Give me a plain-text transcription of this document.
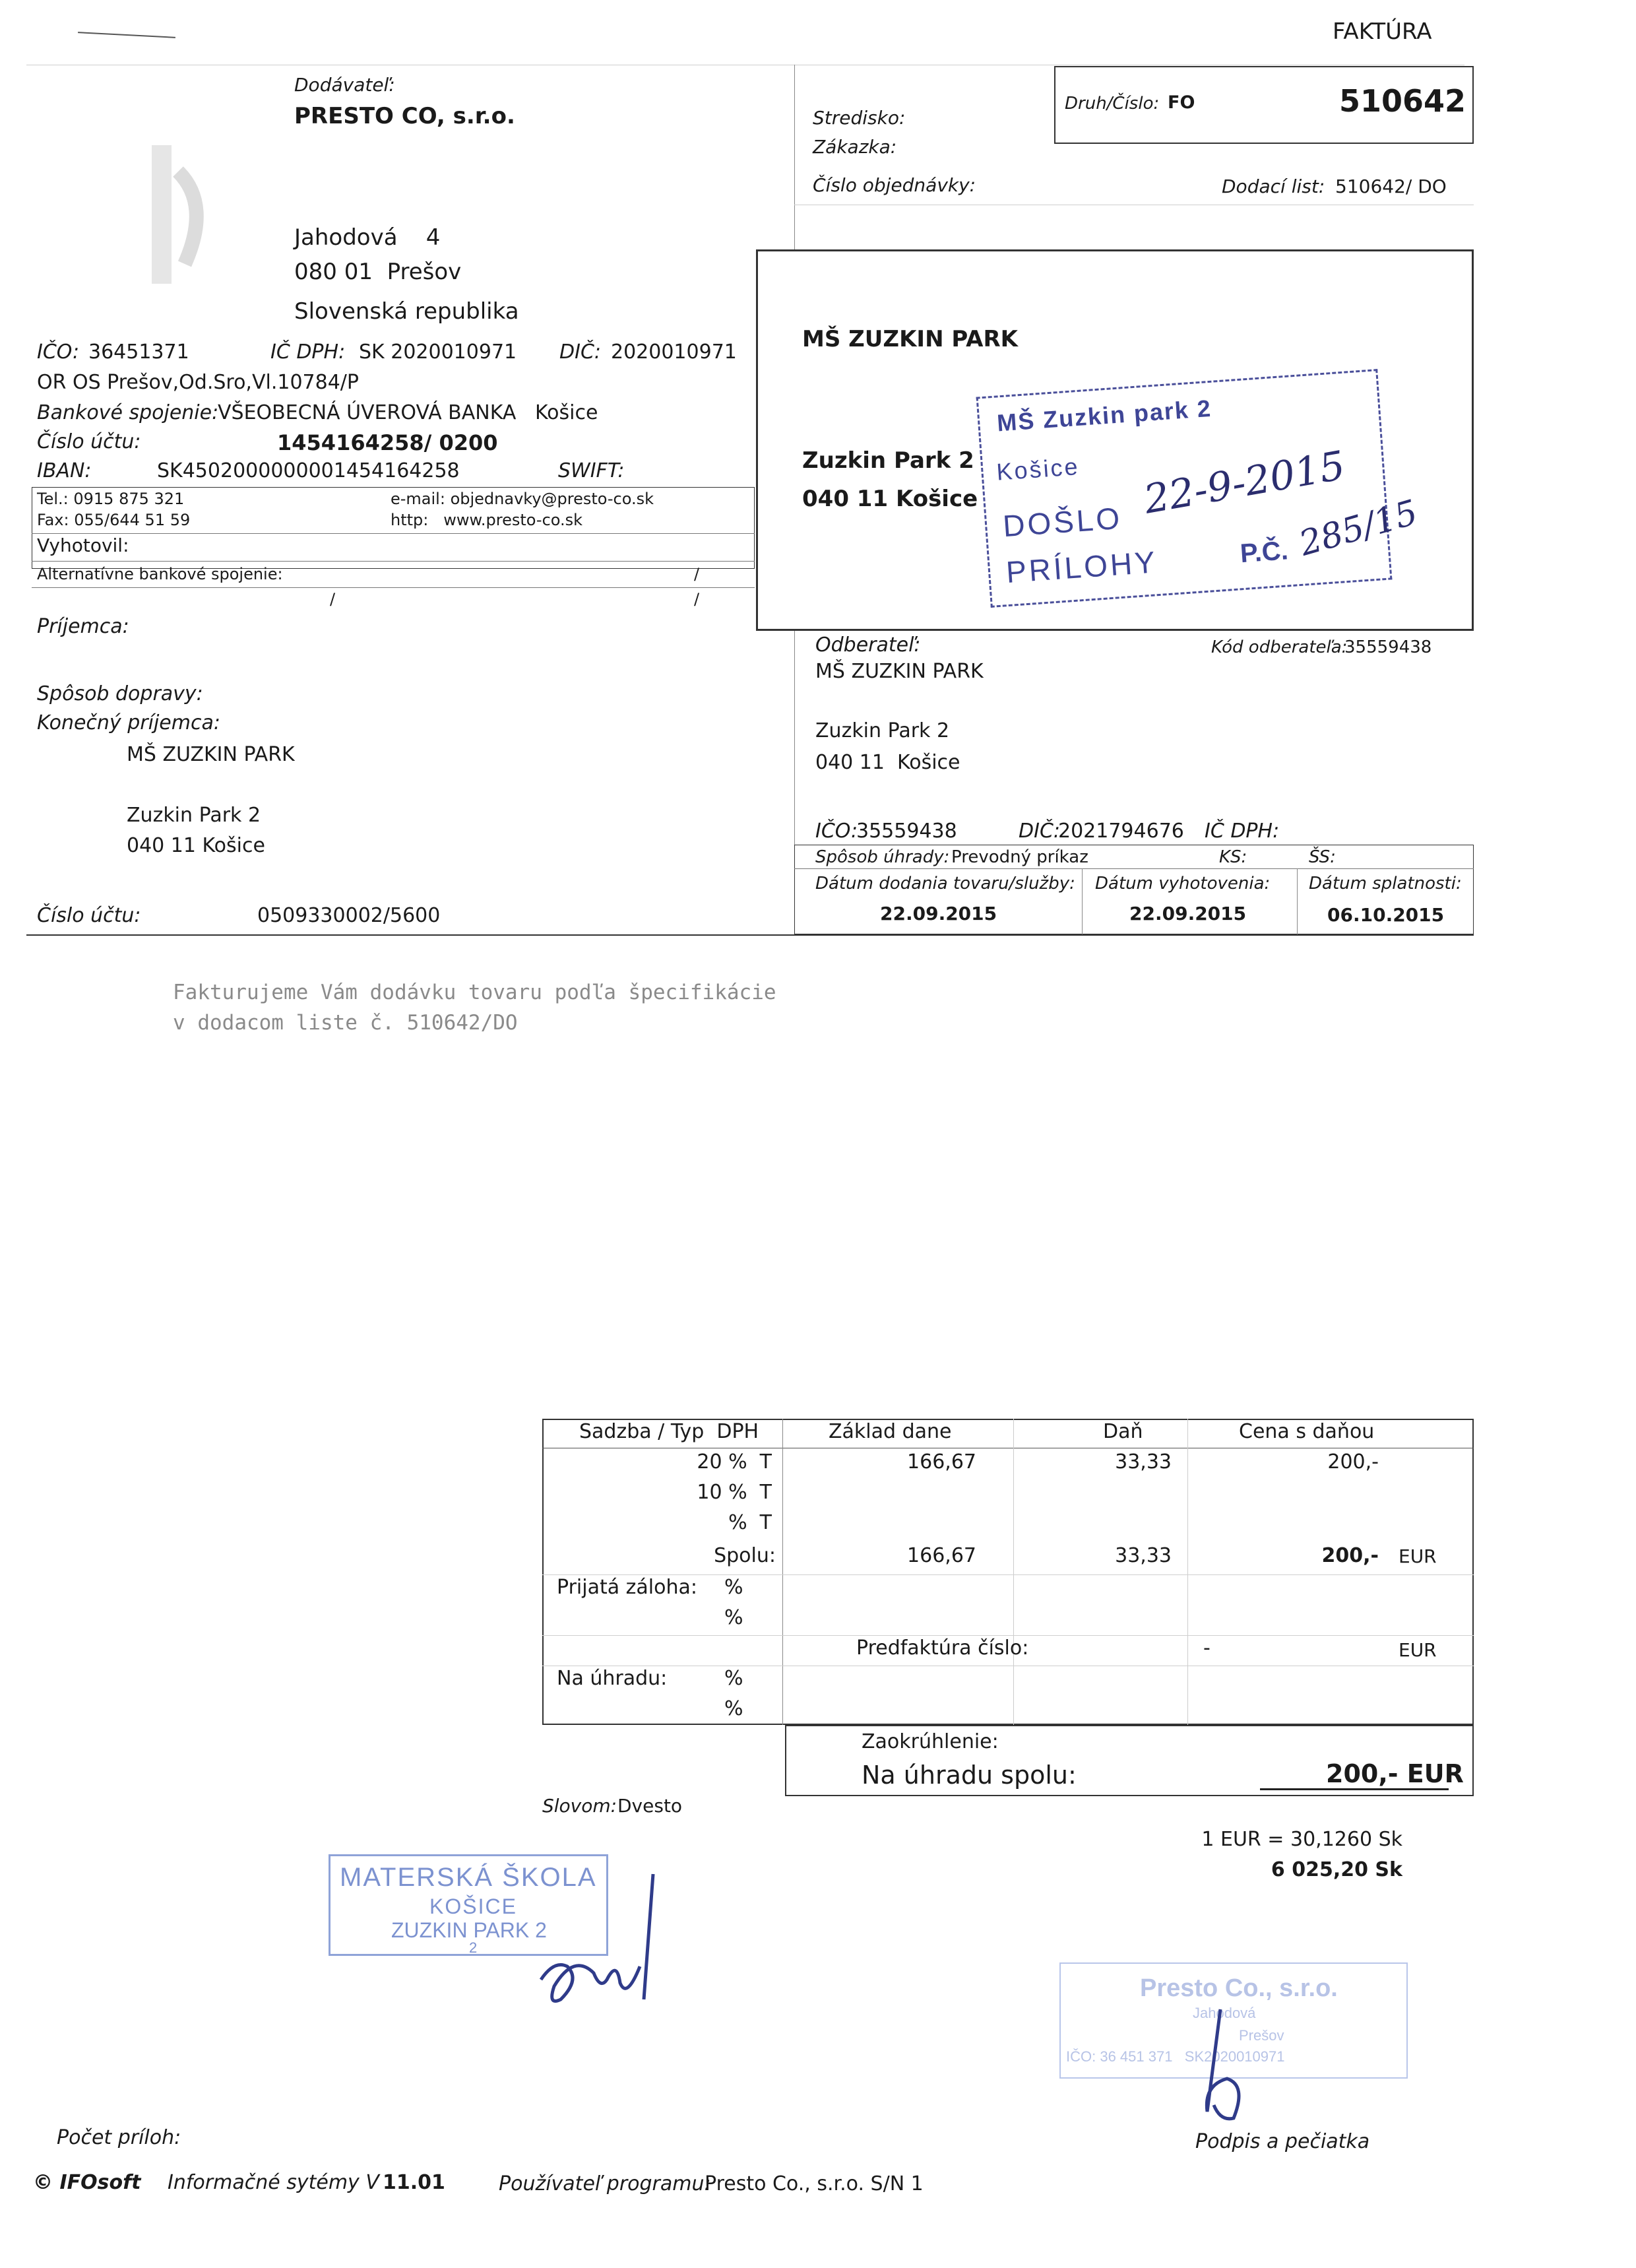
FAKTÚRA
Dodávateľ:
PRESTO CO, s.r.o.
Jahodová    4
080 01  Prešov
Slovenská republika
IČO: 36451371	IČ DPH: SK 2020010971 DIČ: 2020010971
OR OS Prešov,Od.Sro,Vl.10784/P
Bankové spojenie:
VŠEOBECNÁ ÚVEROVÁ BANKA   Košice
Číslo účtu:	1454164258/ 0200
IBAN:	SK4502000000001454164258	SWIFT:
Tel.: 0915 875 321
Fax: 055/644 51 59
e-mail: objednavky@presto-co.sk
http:   www.presto-co.sk
Vyhotovil:
Alternatívne bankové spojenie:	/
/	/
Stredisko:
Zákazka:
Číslo objednávky:
Druh/Číslo: FO	510642
Dodací list: 510642/ DO
MŠ ZUZKIN PARK
Zuzkin Park 2
040 11 Košice
MŠ Zuzkin park 2
Košice
DOŠLO 22-9-2015
PRÍLOHY	P.Č. 285/15
Príjemca:
Spôsob dopravy:
Konečný príjemca:
MŠ ZUZKIN PARK
Zuzkin Park 2
040 11 Košice
Číslo účtu:	0509330002/5600
Odberateľ:	Kód odberateľa:
35559438
MŠ ZUZKIN PARK
Zuzkin Park 2
040 11  Košice
IČO:
35559438	DIČ:
2021794676 IČ DPH:
Spôsob úhrady: Prevodný príkaz	KS:	ŠS:
Dátum dodania tovaru/služby: Dátum vyhotovenia: Dátum splatnosti:
22.09.2015	22.09.2015	06.10.2015
Fakturujeme Vám dodávku tovaru podľa špecifikácie
v dodacom liste č. 510642/DO
Sadzba / Typ  DPH	Základ dane	Daň	Cena s daňou
20 %  T	166,67	33,33	200,-
10 %  T
%  T
Spolu:	166,67	33,33	200,- EUR
Prijatá záloha: %
%
Predfaktúra číslo:	-	EUR
Na úhradu:	%
%
Zaokrúhlenie:
Na úhradu spolu:	200,- EUR
Slovom: Dvesto
1 EUR = 30,1260 Sk
6 025,20 Sk
MATERSKÁ ŠKOLA
KOŠICE
ZUZKIN PARK 2
2
Presto Co., s.r.o.
Jahodová
Prešov
IČO: 36 451 371   SK2020010971
Počet príloh:	Podpis a pečiatka
© IFOsoft Informačné sytémy V 11.01	Používateľ programu:
Presto Co., s.r.o. S/N 1
